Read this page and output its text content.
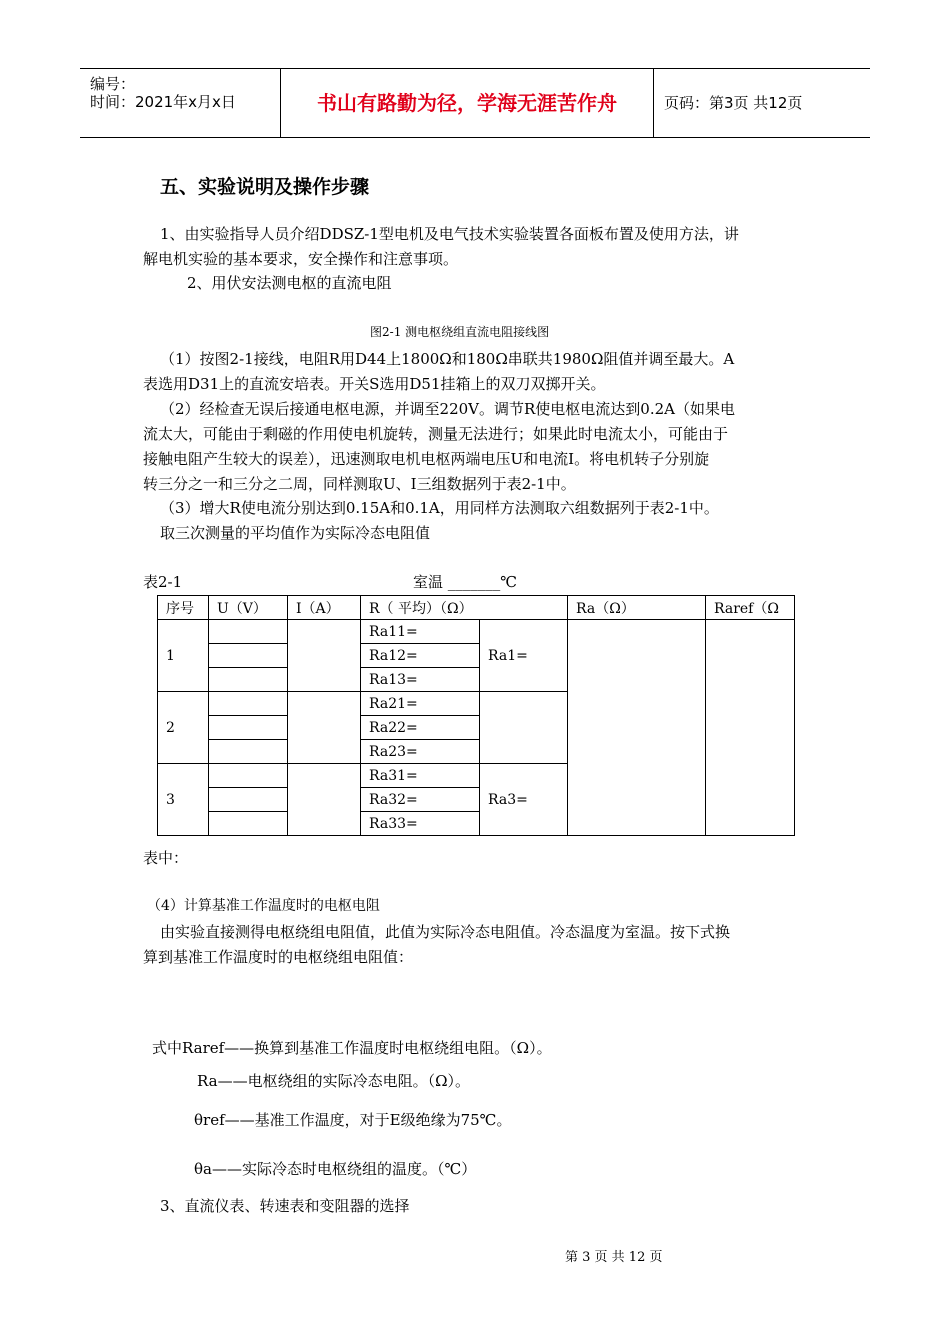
编号：
时间：2021年x月x日	书山有路勤为径，学海无涯苦作舟	页码：第3页 共12页
五、实验说明及操作步骤
1、由实验指导人员介绍DDSZ-1型电机及电气技术实验装置各面板布置及使用方法，讲
解电机实验的基本要求，安全操作和注意事项。
2、用伏安法测电枢的直流电阻
图2-1 测电枢绕组直流电阻接线图
（1）按图2-1接线，电阻R用D44上1800Ω和180Ω串联共1980Ω阻值并调至最大。A
表选用D31上的直流安培表。开关S选用D51挂箱上的双刀双掷开关。
（2）经检查无误后接通电枢电源，并调至220V。调节R使电枢电流达到0.2A（如果电
流太大，可能由于剩磁的作用使电机旋转，测量无法进行；如果此时电流太小，可能由于
接触电阻产生较大的误差），迅速测取电机电枢两端电压U和电流I。将电机转子分别旋
转三分之一和三分之二周，同样测取U、I三组数据列于表2-1中。
（3）增大R使电流分别达到0.15A和0.1A，用同样方法测取六组数据列于表2-1中。
取三次测量的平均值作为实际冷态电阻值
表2-1	室温 _______℃
序号	U（V）	I（A）	R（ 平均）（Ω）		Ra（Ω）	Raref（Ω
1			Ra11=	Ra1=		
			Ra12=			
			Ra13=			
2			Ra21=			
			Ra22=			
			Ra23=			
3			Ra31=	Ra3=		
			Ra32=			
			Ra33=			
表中：
（4）计算基准工作温度时的电枢电阻
由实验直接测得电枢绕组电阻值，此值为实际冷态电阻值。冷态温度为室温。按下式换
算到基准工作温度时的电枢绕组电阻值：
式中Raref——换算到基准工作温度时电枢绕组电阻。（Ω）。
Ra——电枢绕组的实际冷态电阻。（Ω）。
θref——基准工作温度，对于E级绝缘为75℃。
θa——实际冷态时电枢绕组的温度。（℃）
3、直流仪表、转速表和变阻器的选择
第 3 页 共 12 页
